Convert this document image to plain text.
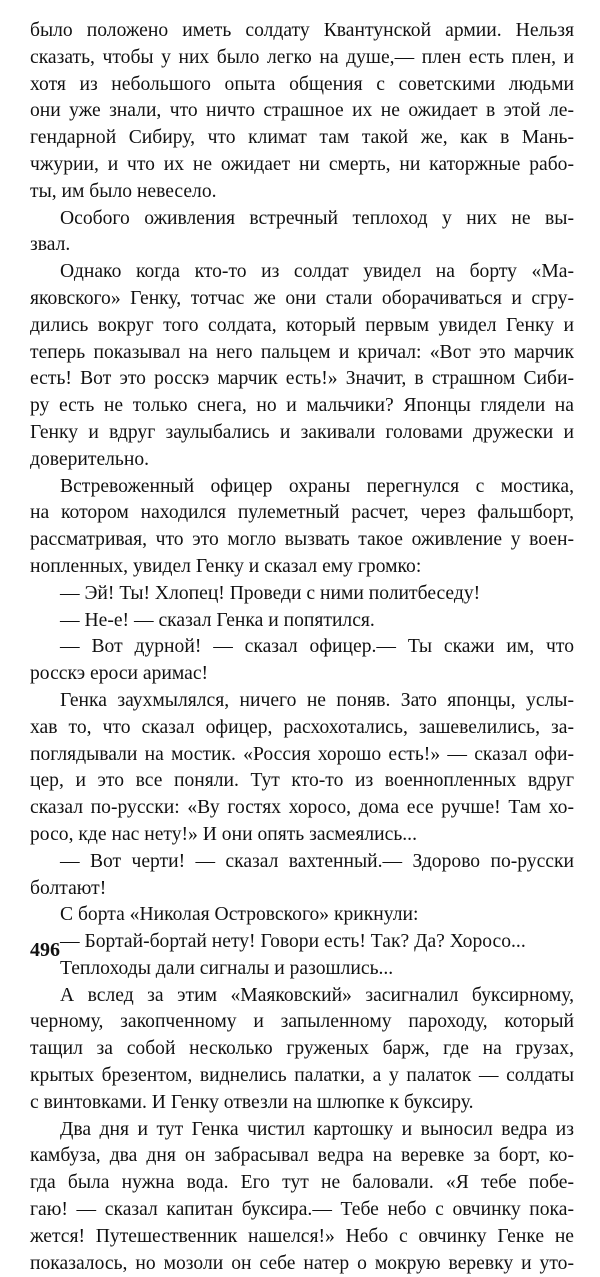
было положено иметь солдату Квантунской армии. Нельзя
сказать, чтобы у них было легко на душе,— плен есть плен, и
хотя из небольшого опыта общения с советскими людьми
они уже знали, что ничто страшное их не ожидает в этой ле-
гендарной Сибиру, что климат там такой же, как в Мань-
чжурии, и что их не ожидает ни смерть, ни каторжные рабо-
ты, им было невесело.
Особого оживления встречный теплоход у них не вы-
звал.
Однако когда кто-то из солдат увидел на борту «Ма-
яковского» Генку, тотчас же они стали оборачиваться и сгру-
дились вокруг того солдата, который первым увидел Генку и
теперь показывал на него пальцем и кричал: «Вот это марчик
есть! Вот это росскэ марчик есть!» Значит, в страшном Сиби-
ру есть не только снега, но и мальчики? Японцы глядели на
Генку и вдруг заулыбались и закивали головами дружески и
доверительно.
Встревоженный офицер охраны перегнулся с мостика,
на котором находился пулеметный расчет, через фальшборт,
рассматривая, что это могло вызвать такое оживление у воен-
нопленных, увидел Генку и сказал ему громко:
— Эй! Ты! Хлопец! Проведи с ними политбеседу!
— Не-е! — сказал Генка и попятился.
— Вот дурной! — сказал офицер.— Ты скажи им, что
росскэ ероси аримас!
Генка заухмылялся, ничего не поняв. Зато японцы, услы-
хав то, что сказал офицер, расхохотались, зашевелились, за-
поглядывали на мостик. «Россия хорошо есть!» — сказал офи-
цер, и это все поняли. Тут кто-то из военнопленных вдруг
сказал по-русски: «Ву гостях хоросо, дома есе ручше! Там хо-
росо, кде нас нету!» И они опять засмеялись...
— Вот черти! — сказал вахтенный.— Здорово по-русски
болтают!
С борта «Николая Островского» крикнули:
— Бортай-бортай нету! Говори есть! Так? Да? Хоросо...
Теплоходы дали сигналы и разошлись...
А вслед за этим «Маяковский» засигналил буксирному,
черному, закопченному и запыленному пароходу, который
тащил за собой несколько груженых барж, где на грузах,
крытых брезентом, виднелись палатки, а у палаток — солдаты
с винтовками. И Генку отвезли на шлюпке к буксиру.
Два дня и тут Генка чистил картошку и выносил ведра из
камбуза, два дня он забрасывал ведра на веревке за борт, ко-
гда была нужна вода. Его тут не баловали. «Я тебе побе-
гаю! — сказал капитан буксира.— Тебе небо с овчинку пока-
жется! Путешественник нашелся!» Небо с овчинку Генке не
показалось, но мозоли он себе натер о мокрую веревку и уто-
496
